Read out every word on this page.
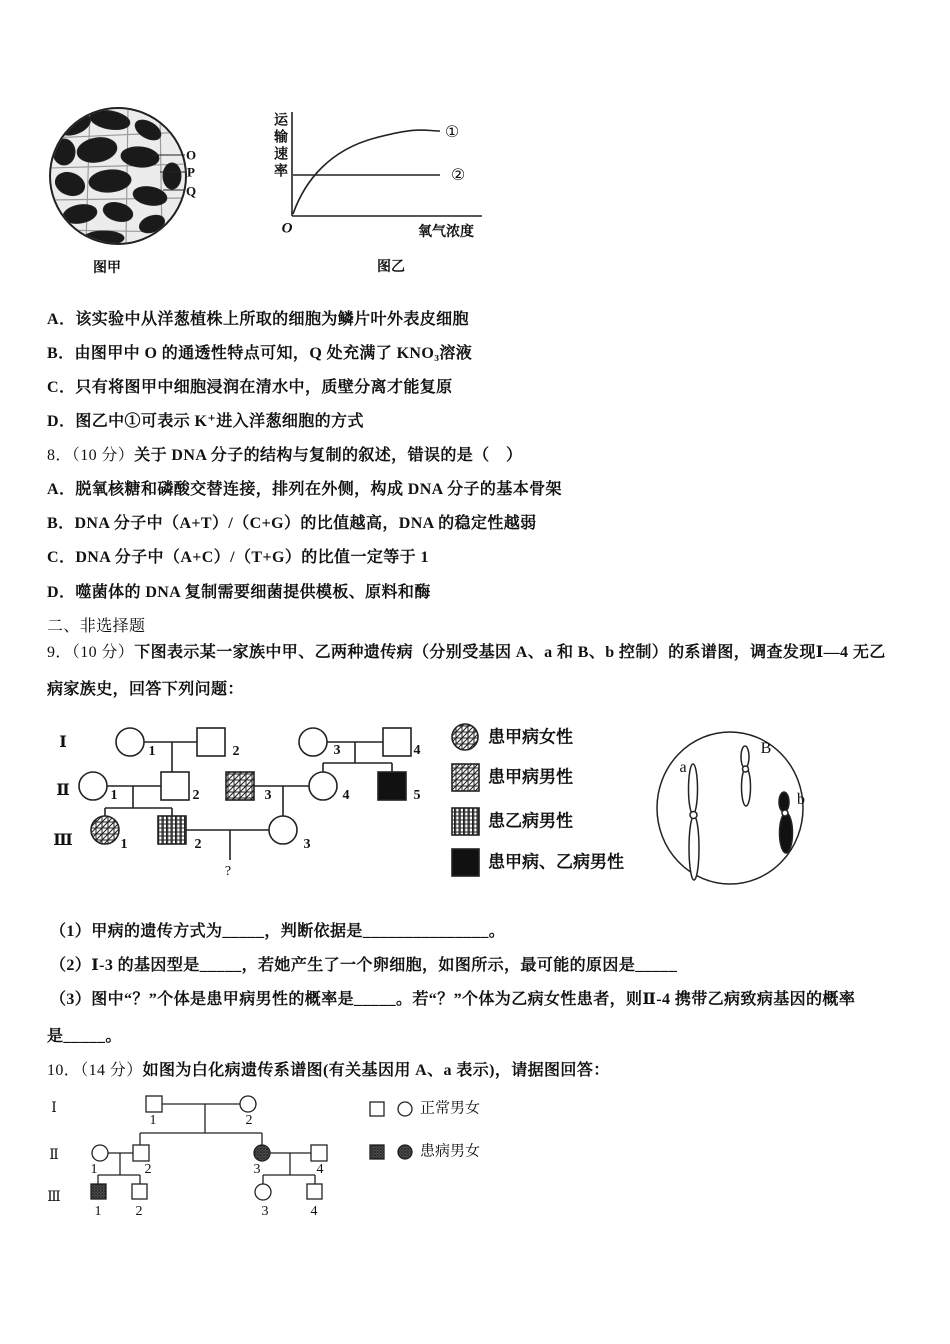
O
P
Q
图甲
运输速率
O	氧气浓度
①
②
图乙
A．该实验中从洋葱植株上所取的细胞为鳞片叶外表皮细胞
B．由图甲中 O 的通透性特点可知，Q 处充满了 KNO₃溶液
C．只有将图甲中细胞浸润在清水中，质壁分离才能复原
D．图乙中①可表示 K⁺进入洋葱细胞的方式
8．（10 分）关于 DNA 分子的结构与复制的叙述，错误的是（　）
A．脱氧核糖和磷酸交替连接，排列在外侧，构成 DNA 分子的基本骨架
B．DNA 分子中（A+T）/（C+G）的比值越高，DNA 的稳定性越弱
C．DNA 分子中（A+C）/（T+G）的比值一定等于 1
D．噬菌体的 DNA 复制需要细菌提供模板、原料和酶
二、非选择题
9．（10 分）下图表示某一家族中甲、乙两种遗传病（分别受基因 A、a 和 B、b 控制）的系谱图，调查发现Ⅰ—4 无乙
病家族史，回答下列问题：
Ⅰ
Ⅱ
Ⅲ
1	2	3	4
1	2	3	4	5
1	2	3
?
患甲病女性
患甲病男性
患乙病男性
患甲病、乙病男性
a
B
b
（1）甲病的遗传方式为_____，判断依据是_______________。
（2）Ⅰ-3 的基因型是_____，若她产生了一个卵细胞，如图所示，最可能的原因是_____
（3）图中“？”个体是患甲病男性的概率是_____。若“？”个体为乙病女性患者，则Ⅱ-4 携带乙病致病基因的概率
是_____。
10．（14 分）如图为白化病遗传系谱图(有关基因用 A、a 表示)，请据图回答：
Ⅰ
Ⅱ
Ⅲ
1	2
1	2	3	4
1 2	3	4
正常男女
患病男女
